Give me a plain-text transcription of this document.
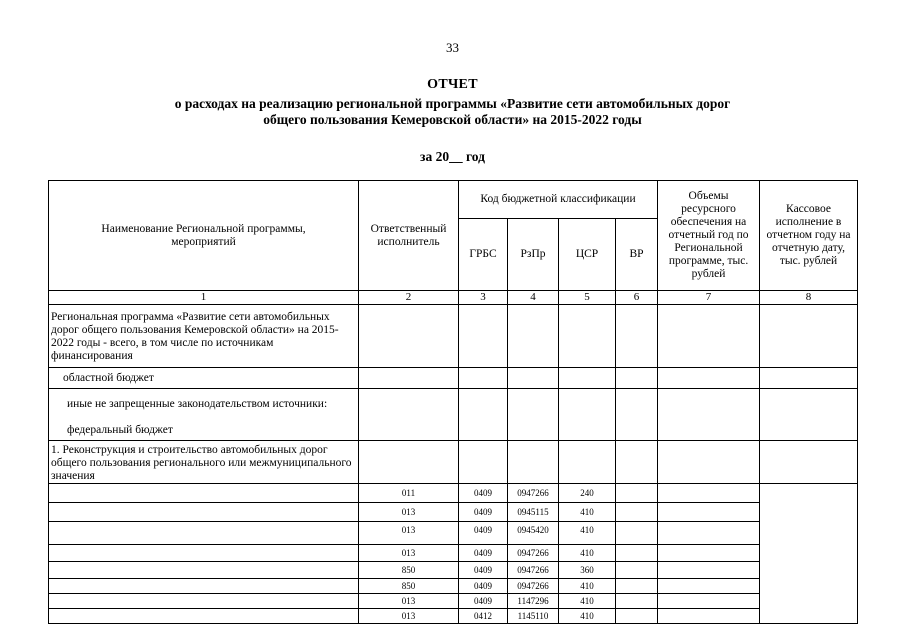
33
ОТЧЕТ
о расходах на реализацию региональной программы «Развитие сети автомобильных дорог
общего пользования Кемеровской области» на 2015-2022 годы
за 20__ год
Наименование Региональной программы, мероприятий	Ответственный исполнитель	Код бюджетной классификации				Объемы ресурсного обеспечения на отчетный год по Региональной программе, тыс. рублей	Кассовое исполнение в отчетном году на отчетную дату, тыс. рублей
		ГРБС	РзПр	ЦСР	ВР		
1	2	3	4	5	6	7	8
Региональная программа «Развитие сети автомобильных дорог общего пользования Кемеровской области» на 2015-2022 годы - всего, в том числе по источникам финансирования							
областной бюджет							
иные не запрещенные законодательством источники:							
федеральный бюджет							
1. Реконструкция и строительство автомобильных дорог общего пользования регионального или межмуниципального значения							
	011	0409	0947266	240			
	013	0409	0945115	410			
	013	0409	0945420	410			
	013	0409	0947266	410			
	850	0409	0947266	360			
	850	0409	0947266	410			
	013	0409	1147296	410			
	013	0412	1145110	410			
